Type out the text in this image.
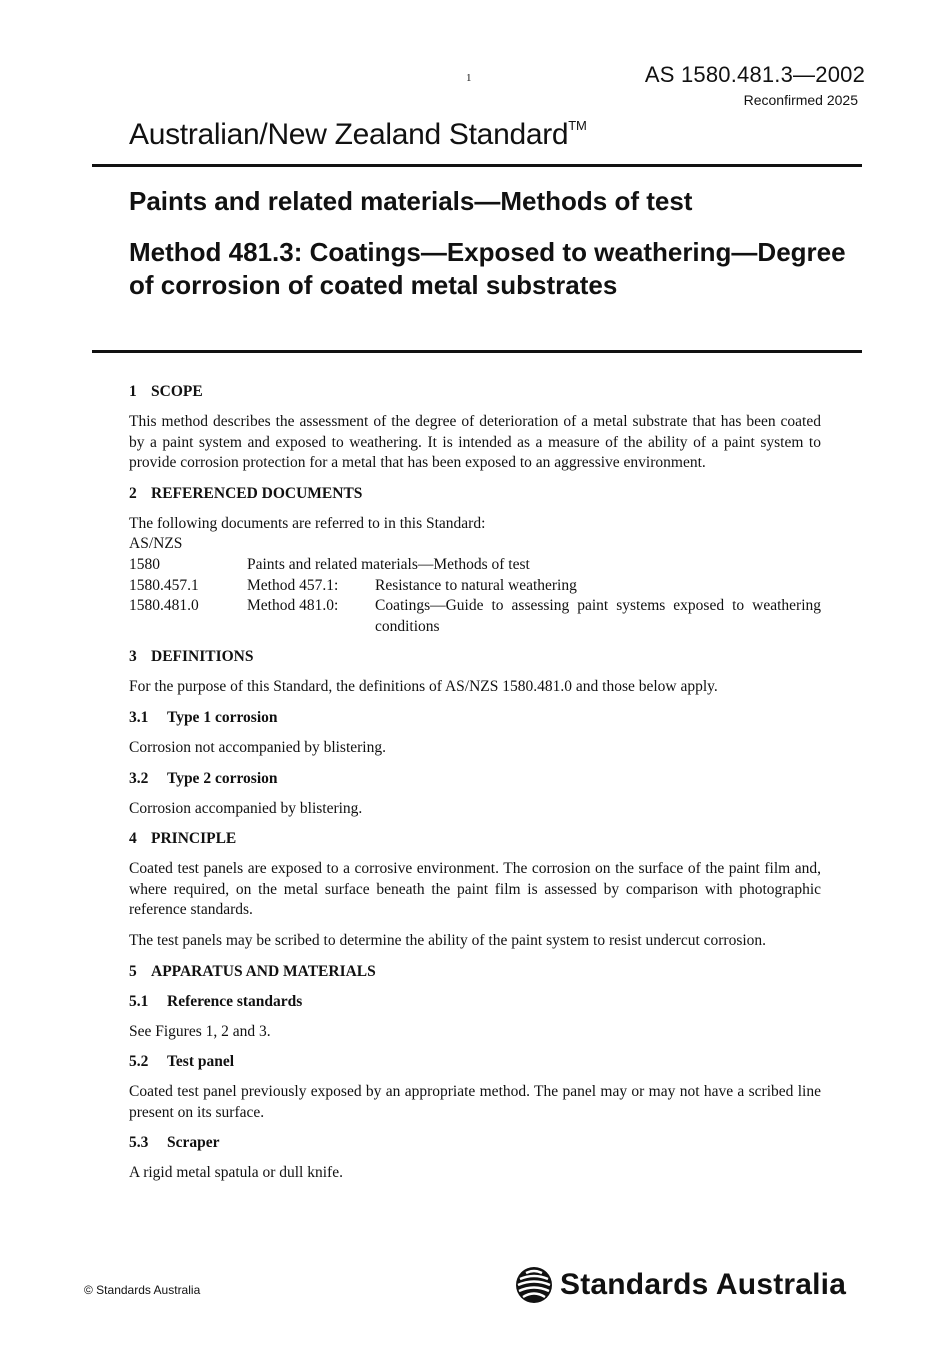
1	AS 1580.481.3—2002
Reconfirmed 2025
Australian/New Zealand Standard™
Paints and related materials—Methods of test
Method 481.3: Coatings—Exposed to weathering—Degree of corrosion of coated metal substrates
1 SCOPE

This method describes the assessment of the degree of deterioration of a metal substrate that has been coated by a paint system and exposed to weathering. It is intended as a measure of the ability of a paint system to provide corrosion protection for a metal that has been exposed to an aggressive environment.

2 REFERENCED DOCUMENTS

The following documents are referred to in this Standard:

AS/NZS
1580	Paints and related materials—Methods of test
1580.457.1	Method 457.1:	Resistance to natural weathering
1580.481.0	Method 481.0:	Coatings—Guide to assessing paint systems exposed to weathering conditions
3 DEFINITIONS

For the purpose of this Standard, the definitions of AS/NZS 1580.481.0 and those below apply.

3.1 Type 1 corrosion

Corrosion not accompanied by blistering.

3.2 Type 2 corrosion

Corrosion accompanied by blistering.

4 PRINCIPLE

Coated test panels are exposed to a corrosive environment. The corrosion on the surface of the paint film and, where required, on the metal surface beneath the paint film is assessed by comparison with photographic reference standards.

The test panels may be scribed to determine the ability of the paint system to resist undercut corrosion.

5 APPARATUS AND MATERIALS
5.1 Reference standards

See Figures 1, 2 and 3.

5.2 Test panel

Coated test panel previously exposed by an appropriate method. The panel may or may not have a scribed line present on its surface.

5.3 Scraper

A rigid metal spatula or dull knife.

© Standards Australia	Standards Australia
